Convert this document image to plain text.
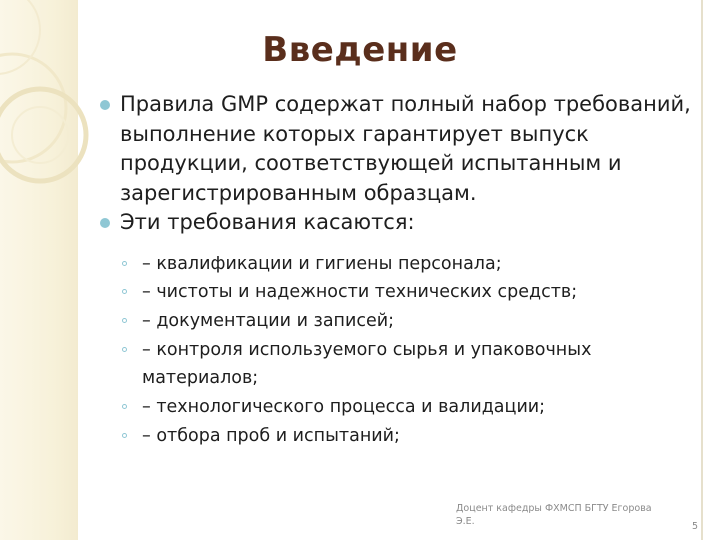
Введение
Правила GMP содержат полный набор требований, выполнение которых гарантирует выпуск продукции, соответствующей испытанным и зарегистрированным образцам.
Эти требования касаются:
– квалификации и гигиены персонала;
– чистоты и надежности технических средств;
– документации и записей;
– контроля используемого сырья и упаковочных материалов;
– технологического процесса и валидации;
– отбора проб и испытаний;
Доцент кафедры ФХМСП БГТУ Егорова Э.Е.	5
